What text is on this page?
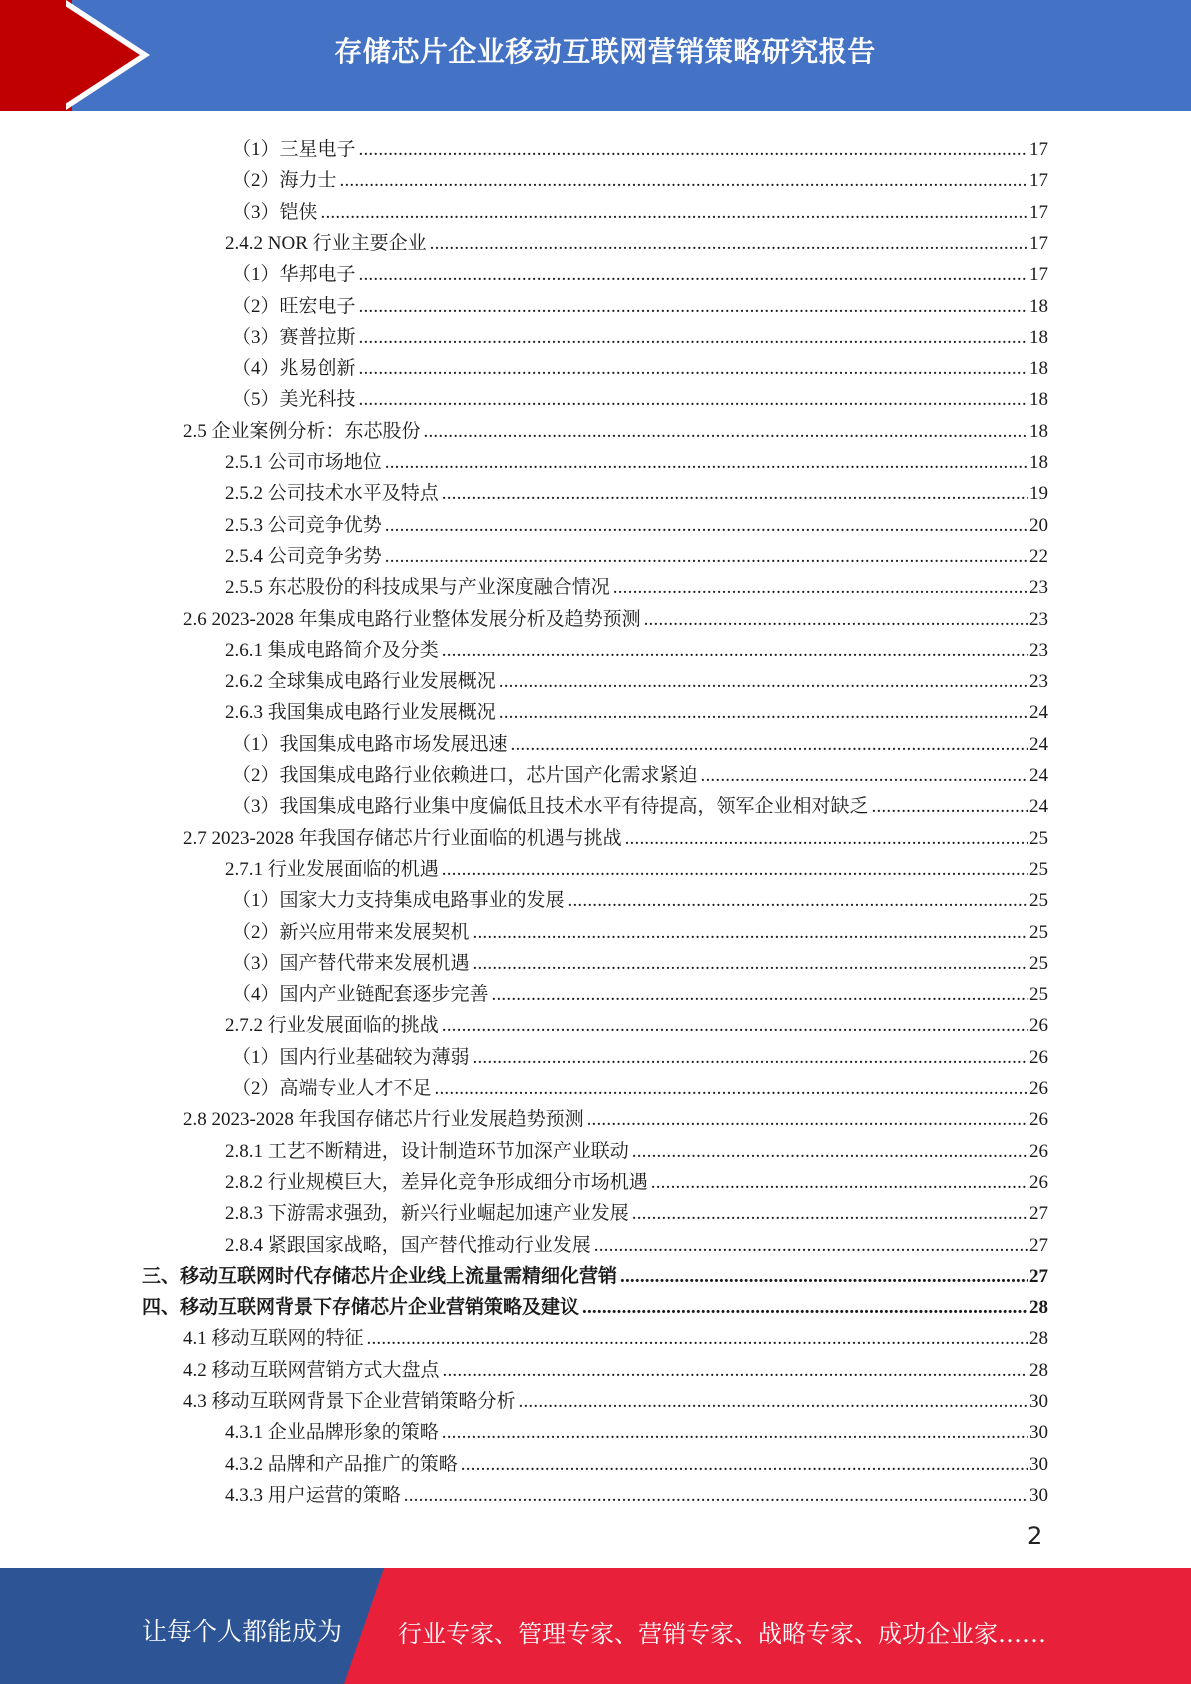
存储芯片企业移动互联网营销策略研究报告
（1）三星电子 .....	17
（2）海力士 .....	17
（3）铠侠 .....	17
2.4.2 NOR 行业主要企业 .....	17
（1）华邦电子 .....	17
（2）旺宏电子 .....	18
（3）赛普拉斯 .....	18
（4）兆易创新 .....	18
（5）美光科技 .....	18
2.5 企业案例分析：东芯股份 .....	18
2.5.1 公司市场地位 .....	18
2.5.2 公司技术水平及特点 .....	19
2.5.3 公司竞争优势 .....	20
2.5.4 公司竞争劣势 .....	22
2.5.5 东芯股份的科技成果与产业深度融合情况 .....	23
2.6 2023-2028 年集成电路行业整体发展分析及趋势预测 .....	23
2.6.1 集成电路简介及分类 .....	23
2.6.2 全球集成电路行业发展概况 .....	23
2.6.3 我国集成电路行业发展概况 .....	24
（1）我国集成电路市场发展迅速 .....	24
（2）我国集成电路行业依赖进口，芯片国产化需求紧迫 .....	24
（3）我国集成电路行业集中度偏低且技术水平有待提高，领军企业相对缺乏 .....	24
2.7 2023-2028 年我国存储芯片行业面临的机遇与挑战 .....	25
2.7.1 行业发展面临的机遇 .....	25
（1）国家大力支持集成电路事业的发展 .....	25
（2）新兴应用带来发展契机 .....	25
（3）国产替代带来发展机遇 .....	25
（4）国内产业链配套逐步完善 .....	25
2.7.2 行业发展面临的挑战 .....	26
（1）国内行业基础较为薄弱 .....	26
（2）高端专业人才不足 .....	26
2.8 2023-2028 年我国存储芯片行业发展趋势预测 .....	26
2.8.1 工艺不断精进，设计制造环节加深产业联动 .....	26
2.8.2 行业规模巨大，差异化竞争形成细分市场机遇 .....	26
2.8.3 下游需求强劲，新兴行业崛起加速产业发展 .....	27
2.8.4 紧跟国家战略，国产替代推动行业发展 .....	27
三、移动互联网时代存储芯片企业线上流量需精细化营销 .....	27
四、移动互联网背景下存储芯片企业营销策略及建议 .....	28
4.1 移动互联网的特征 .....	28
4.2 移动互联网营销方式大盘点 .....	28
4.3 移动互联网背景下企业营销策略分析 .....	30
4.3.1 企业品牌形象的策略 .....	30
4.3.2 品牌和产品推广的策略 .....	30
4.3.3 用户运营的策略 .....	30
2
让每个人都能成为 行业专家、管理专家、营销专家、战略专家、成功企业家……
